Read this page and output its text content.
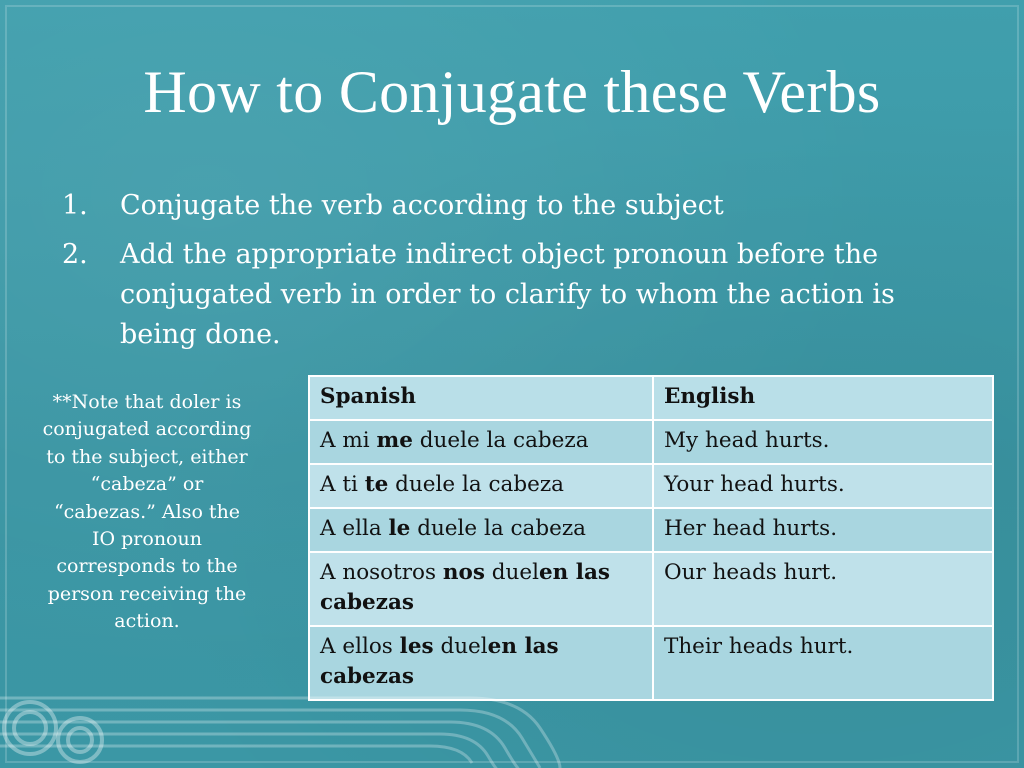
How to Conjugate these Verbs
1.	Conjugate the verb according to the subject
2.	Add the appropriate indirect object pronoun before the conjugated verb in order to clarify to whom the action is being done.
**Note that doler is conjugated according to the subject, either “cabeza” or “cabezas.” Also the IO pronoun corresponds to the person receiving the action.
Spanish	English
A mi me duele la cabeza	My head hurts.
A ti te duele la cabeza	Your head hurts.
A ella le duele la cabeza	Her head hurts.
A nosotros nos duelen las cabezas	Our heads hurt.
A ellos les duelen las cabezas	Their heads hurt.
